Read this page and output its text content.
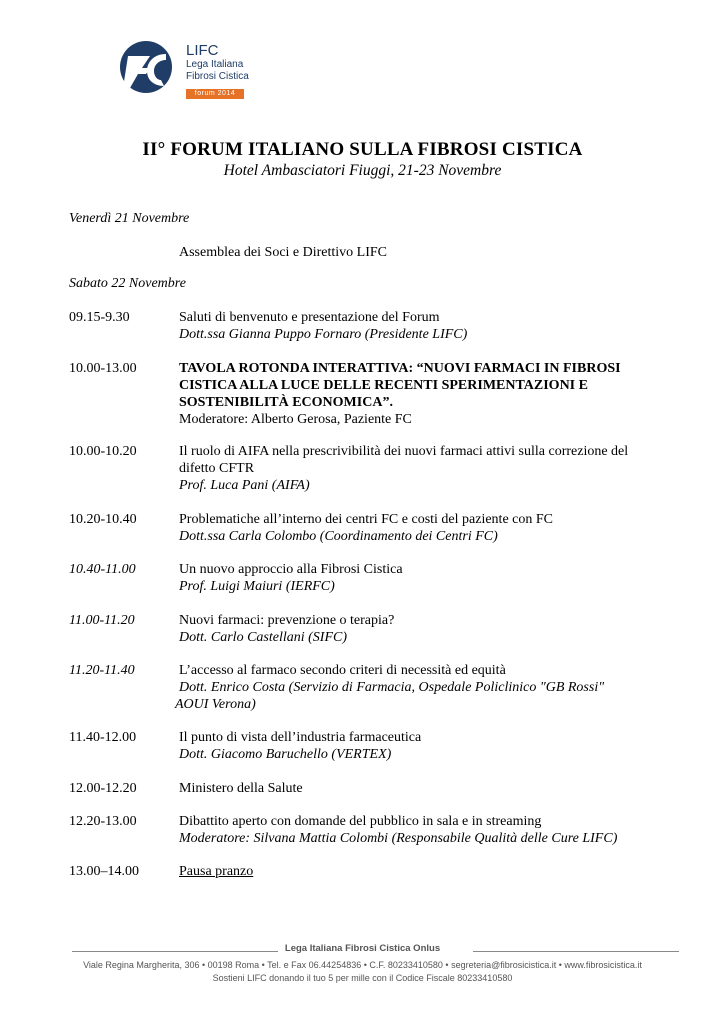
LIFC
Lega Italiana
Fibrosi Cistica
forum 2014
II° FORUM ITALIANO SULLA FIBROSI CISTICA
Hotel Ambasciatori Fiuggi, 21-23 Novembre
Venerdì 21 Novembre
Assemblea dei Soci e Direttivo LIFC
Sabato 22 Novembre
09.15-9.30	Saluti di benvenuto e presentazione del Forum
Dott.ssa Gianna Puppo Fornaro (Presidente LIFC)
10.00-13.00	TAVOLA ROTONDA INTERATTIVA: “NUOVI FARMACI IN FIBROSI
CISTICA ALLA LUCE DELLE RECENTI SPERIMENTAZIONI E
SOSTENIBILITÀ ECONOMICA”.
Moderatore: Alberto Gerosa, Paziente FC
10.00-10.20	Il ruolo di AIFA nella prescrivibilità dei nuovi farmaci attivi sulla correzione del
difetto CFTR
Prof. Luca Pani (AIFA)
10.20-10.40	Problematiche all’interno dei centri FC e costi del paziente con FC
Dott.ssa Carla Colombo (Coordinamento dei Centri FC)
10.40-11.00	Un nuovo approccio alla Fibrosi Cistica
Prof. Luigi Maiuri (IERFC)
11.00-11.20	Nuovi farmaci: prevenzione o terapia?
Dott. Carlo Castellani (SIFC)
11.20-11.40	L’accesso al farmaco secondo criteri di necessità ed equità
Dott. Enrico Costa (Servizio di Farmacia, Ospedale Policlinico "GB Rossi"
AOUI Verona)
11.40-12.00	Il punto di vista dell’industria farmaceutica
Dott. Giacomo Baruchello (VERTEX)
12.00-12.20	Ministero della Salute
12.20-13.00	Dibattito aperto con domande del pubblico in sala e in streaming
Moderatore: Silvana Mattia Colombi (Responsabile Qualità delle Cure LIFC)
13.00–14.00	Pausa pranzo
Lega Italiana Fibrosi Cistica Onlus
Viale Regina Margherita, 306 • 00198 Roma • Tel. e Fax 06.44254836 • C.F. 80233410580 • segreteria@fibrosicistica.it • www.fibrosicistica.it
Sostieni LIFC donando il tuo 5 per mille con il Codice Fiscale 80233410580
